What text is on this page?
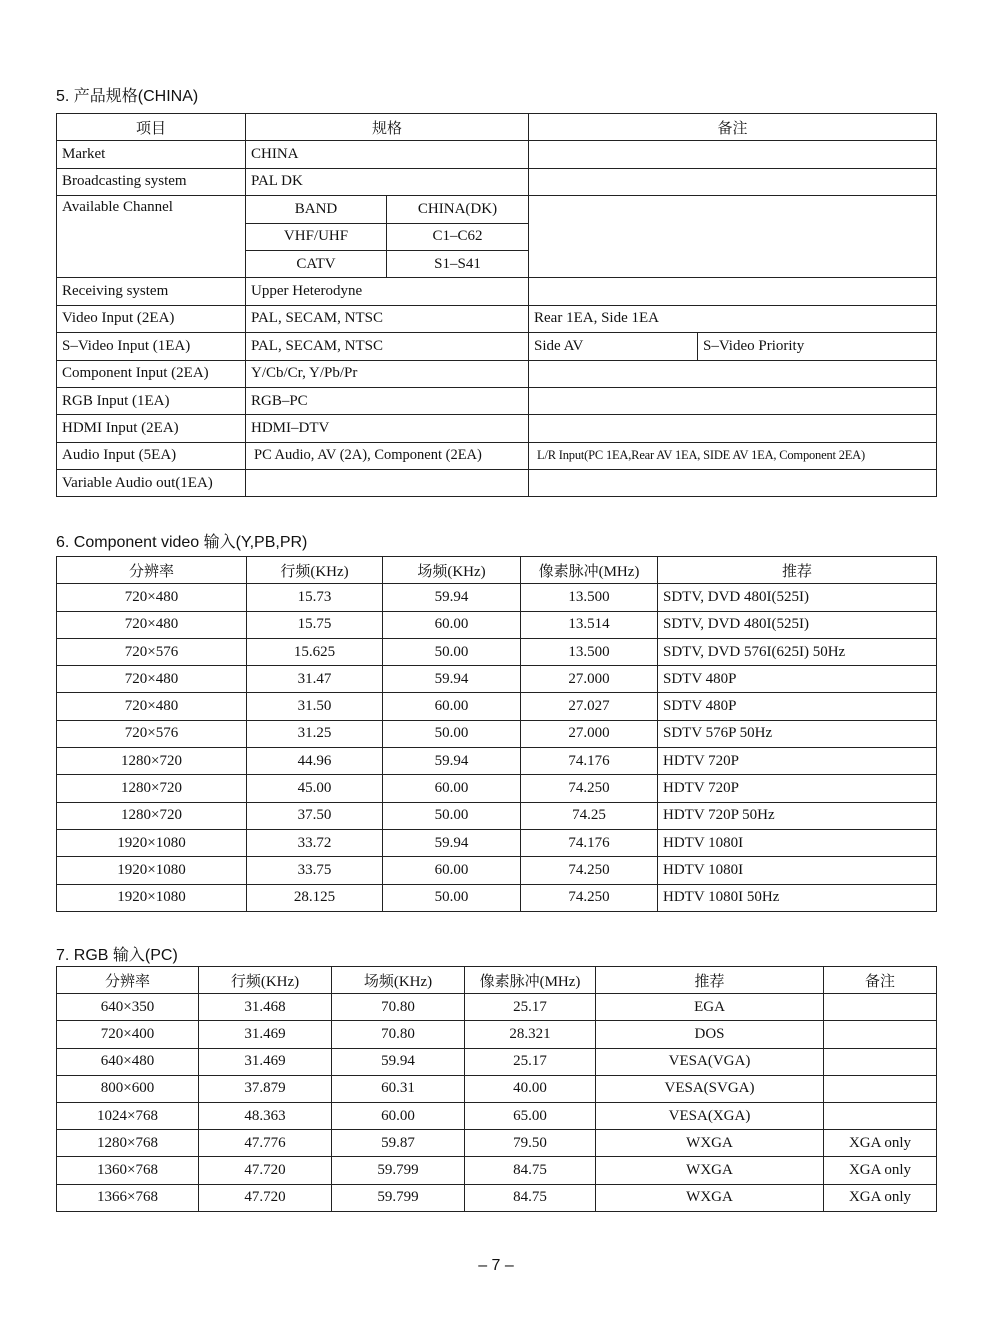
5. 产品规格(CHINA)
项目	规格		备注	
Market	CHINA			
Broadcasting system	PAL DK			
Available Channel	BAND	CHINA(DK)		
	VHF/UHF	C1–C62		
	CATV	S1–S41		
Receiving system	Upper Heterodyne			
Video Input (2EA)	PAL, SECAM, NTSC		Rear 1EA, Side 1EA	
S–Video Input (1EA)	PAL, SECAM, NTSC		Side AV	S–Video Priority
Component Input (2EA)	Y/Cb/Cr, Y/Pb/Pr			
RGB Input (1EA)	RGB–PC			
HDMI Input (2EA)	HDMI–DTV			
Audio Input (5EA)	PC Audio, AV (2A), Component (2EA)		L/R Input(PC 1EA,Rear AV 1EA, SIDE AV 1EA, Component 2EA)	
Variable Audio out(1EA)				
6. Component video 输入(Y,PB,PR)
分辨率	行频(KHz)	场频(KHz)	像素脉冲(MHz)	推荐
720×480	15.73	59.94	13.500	SDTV, DVD 480I(525I)
720×480	15.75	60.00	13.514	SDTV, DVD 480I(525I)
720×576	15.625	50.00	13.500	SDTV, DVD 576I(625I) 50Hz
720×480	31.47	59.94	27.000	SDTV 480P
720×480	31.50	60.00	27.027	SDTV 480P
720×576	31.25	50.00	27.000	SDTV 576P 50Hz
1280×720	44.96	59.94	74.176	HDTV 720P
1280×720	45.00	60.00	74.250	HDTV 720P
1280×720	37.50	50.00	74.25	HDTV 720P 50Hz
1920×1080	33.72	59.94	74.176	HDTV 1080I
1920×1080	33.75	60.00	74.250	HDTV 1080I
1920×1080	28.125	50.00	74.250	HDTV 1080I 50Hz
7. RGB 输入(PC)
分辨率	行频(KHz)	场频(KHz)	像素脉冲(MHz)	推荐	备注
640×350	31.468	70.80	25.17	EGA	
720×400	31.469	70.80	28.321	DOS	
640×480	31.469	59.94	25.17	VESA(VGA)	
800×600	37.879	60.31	40.00	VESA(SVGA)	
1024×768	48.363	60.00	65.00	VESA(XGA)	
1280×768	47.776	59.87	79.50	WXGA	XGA only
1360×768	47.720	59.799	84.75	WXGA	XGA only
1366×768	47.720	59.799	84.75	WXGA	XGA only
– 7 –
